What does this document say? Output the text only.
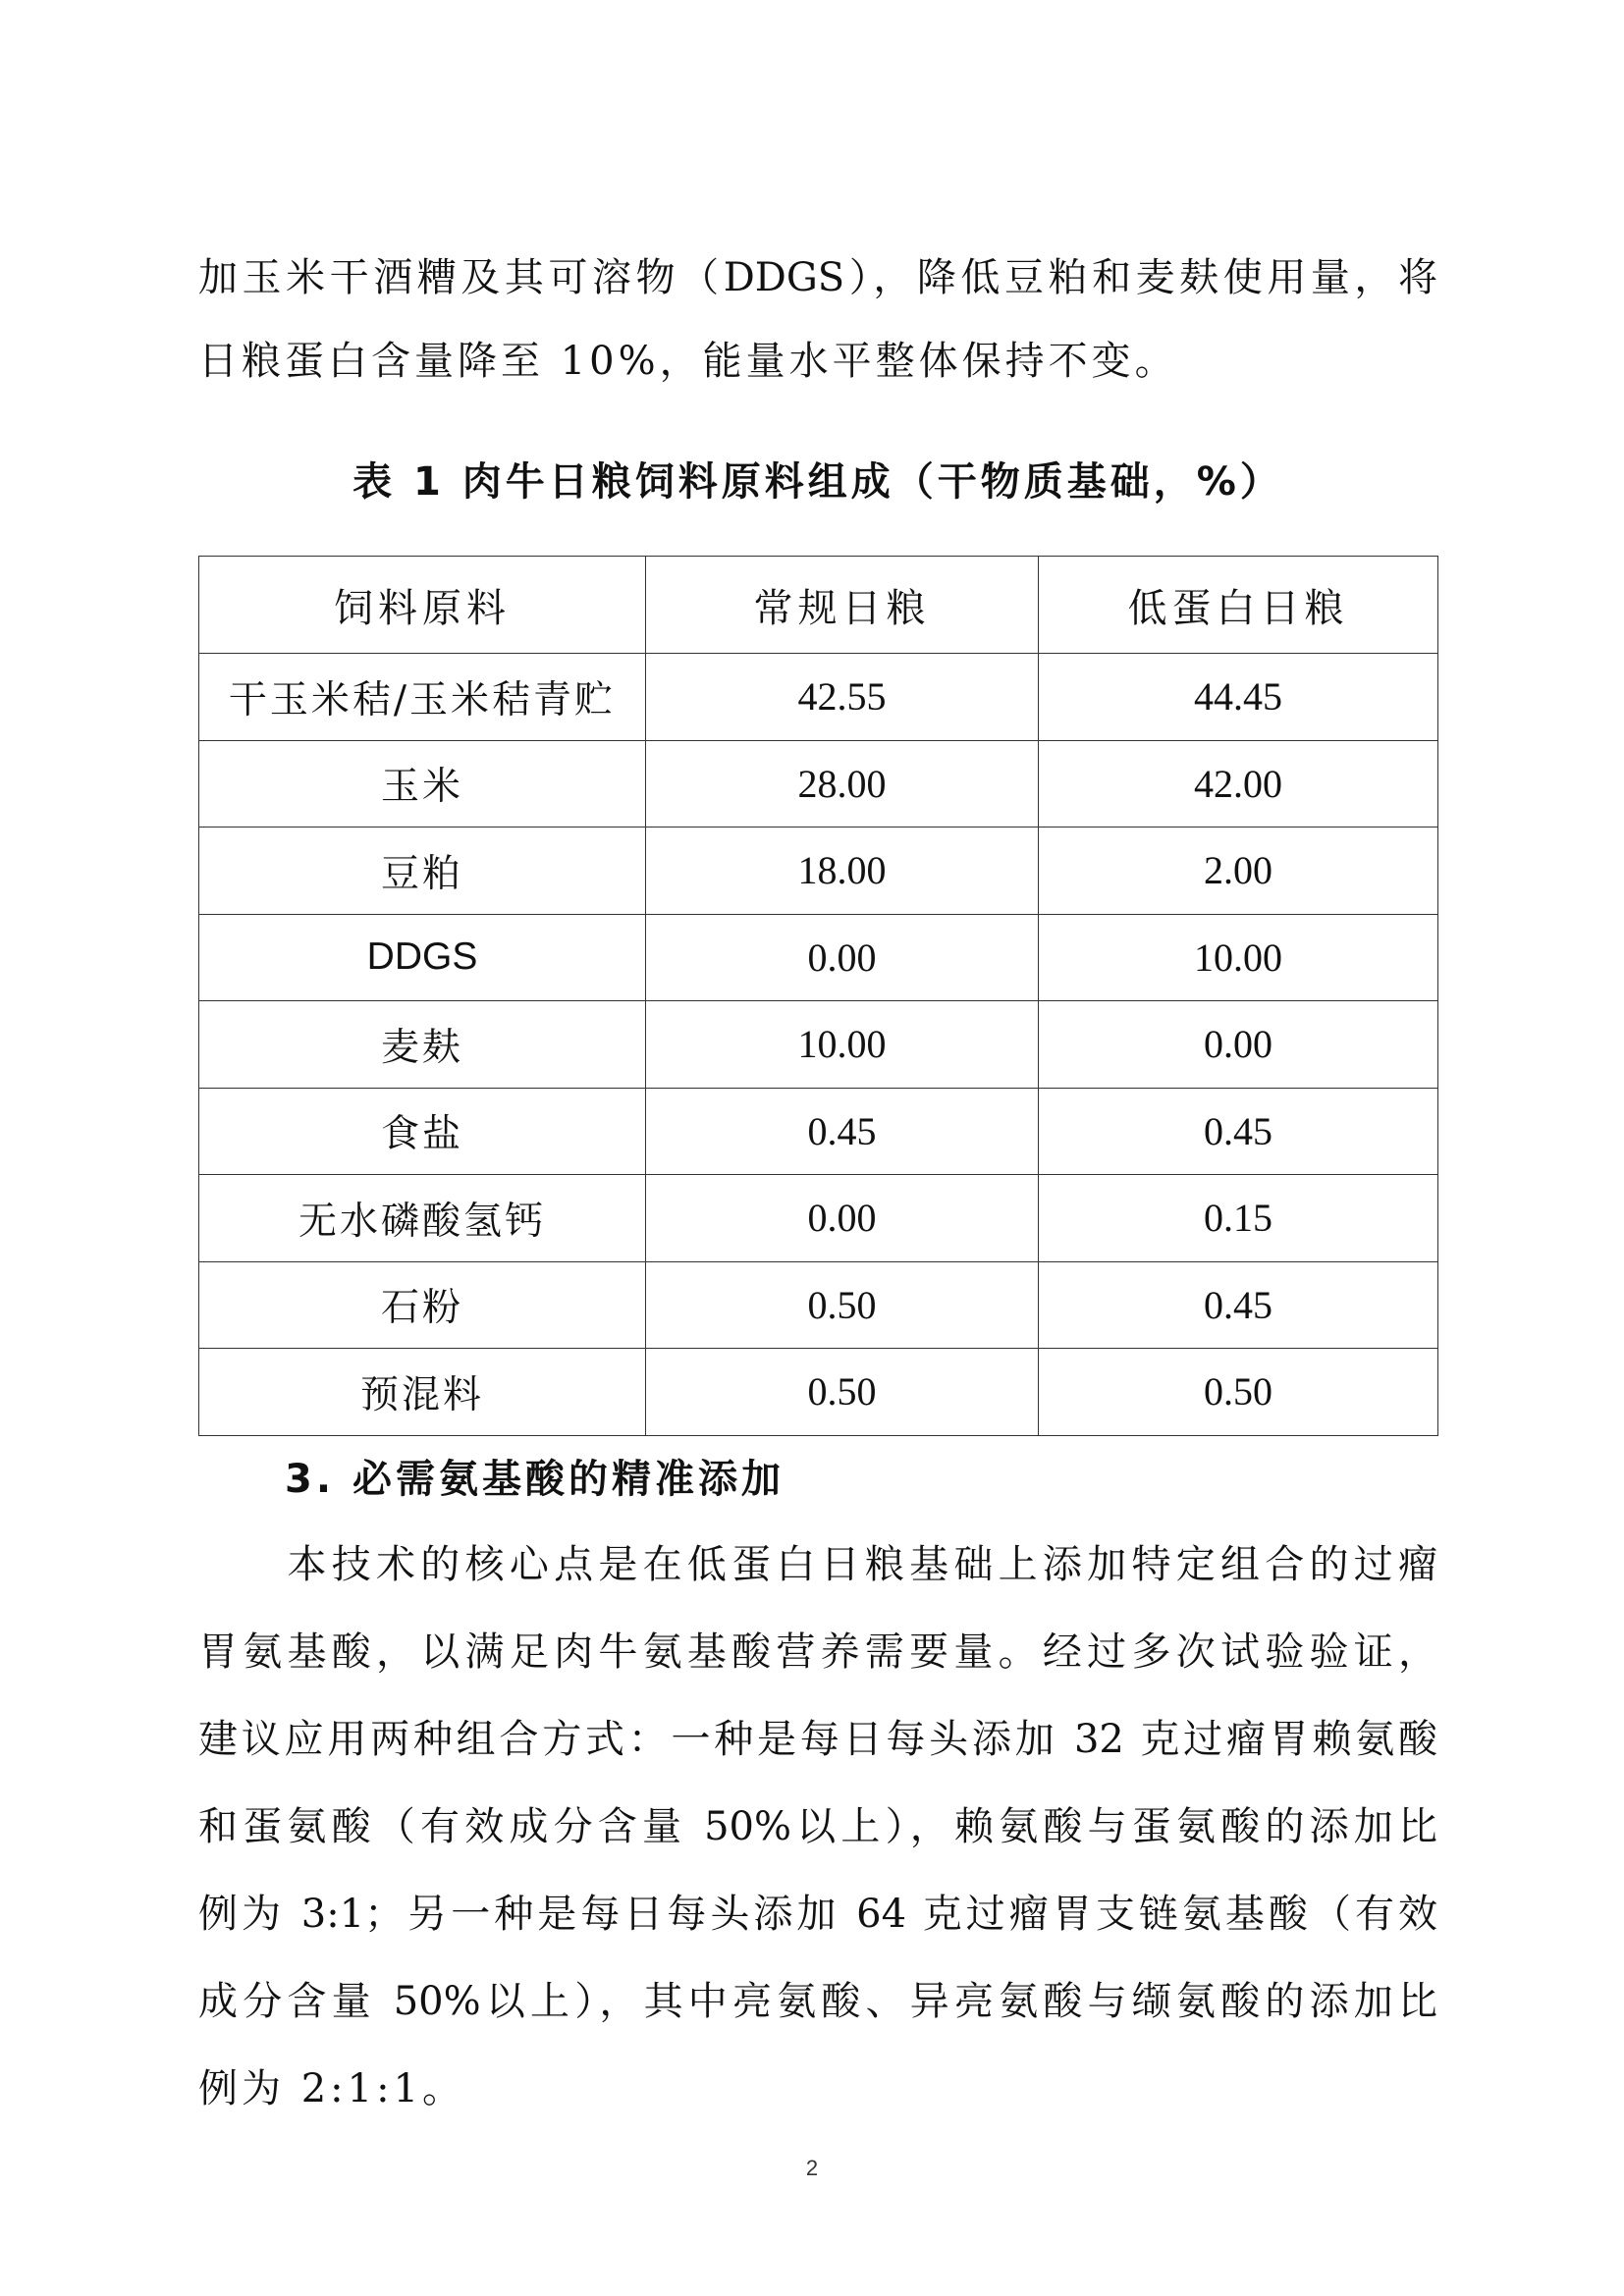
加玉米干酒糟及其可溶物（DDGS），降低豆粕和麦麸使用量，将
日粮蛋白含量降至 10%，能量水平整体保持不变。
表 1 肉牛日粮饲料原料组成（干物质基础，%）
饲料原料	常规日粮	低蛋白日粮
干玉米秸/玉米秸青贮	42.55	44.45
玉米	28.00	42.00
豆粕	18.00	2.00
DDGS	0.00	10.00
麦麸	10.00	0.00
食盐	0.45	0.45
无水磷酸氢钙	0.00	0.15
石粉	0.50	0.45
预混料	0.50	0.50
3. 必需氨基酸的精准添加
　　本技术的核心点是在低蛋白日粮基础上添加特定组合的过瘤
胃氨基酸，以满足肉牛氨基酸营养需要量。经过多次试验验证，
建议应用两种组合方式：一种是每日每头添加 32 克过瘤胃赖氨酸
和蛋氨酸（有效成分含量 50%以上），赖氨酸与蛋氨酸的添加比
例为 3:1；另一种是每日每头添加 64 克过瘤胃支链氨基酸（有效
成分含量 50%以上），其中亮氨酸、异亮氨酸与缬氨酸的添加比
例为 2:1:1。
2
